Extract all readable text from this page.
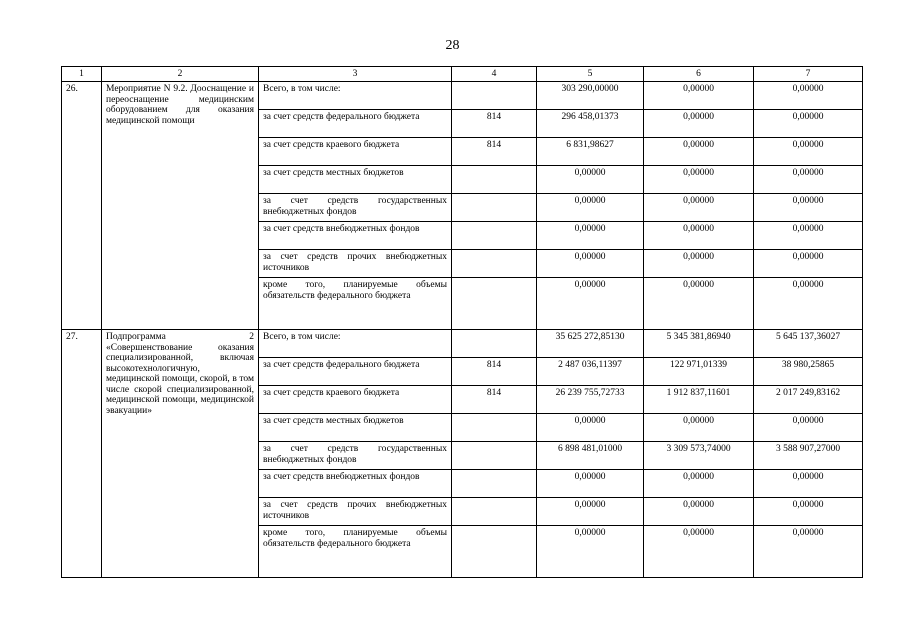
28
1	2	3	4	5	6	7
26.	Мероприятие N 9.2. Дооснащение и переоснащение медицинским оборудованием для оказания медицинской помощи	Всего, в том числе:		303 290,00000	0,00000	0,00000
		за счет средств федерального бюджета	814	296 458,01373	0,00000	0,00000
		за счет средств краевого бюджета	814	6 831,98627	0,00000	0,00000
		за счет средств местных бюджетов		0,00000	0,00000	0,00000
		за счет средств государственных внебюджетных фондов		0,00000	0,00000	0,00000
		за счет средств внебюджетных фондов		0,00000	0,00000	0,00000
		за счет средств прочих внебюджетных источников		0,00000	0,00000	0,00000
		кроме того, планируемые объемы обязательств федерального бюджета		0,00000	0,00000	0,00000
27.	Подпрограмма 2 «Совершенствование оказания специализированной, включая высокотехнологичную, медицинской помощи, скорой, в том числе скорой специализированной, медицинской помощи, медицинской эвакуации»	Всего, в том числе:		35 625 272,85130	5 345 381,86940	5 645 137,36027
		за счет средств федерального бюджета	814	2 487 036,11397	122 971,01339	38 980,25865
		за счет средств краевого бюджета	814	26 239 755,72733	1 912 837,11601	2 017 249,83162
		за счет средств местных бюджетов		0,00000	0,00000	0,00000
		за счет средств государственных внебюджетных фондов		6 898 481,01000	3 309 573,74000	3 588 907,27000
		за счет средств внебюджетных фондов		0,00000	0,00000	0,00000
		за счет средств прочих внебюджетных источников		0,00000	0,00000	0,00000
		кроме того, планируемые объемы обязательств федерального бюджета		0,00000	0,00000	0,00000
